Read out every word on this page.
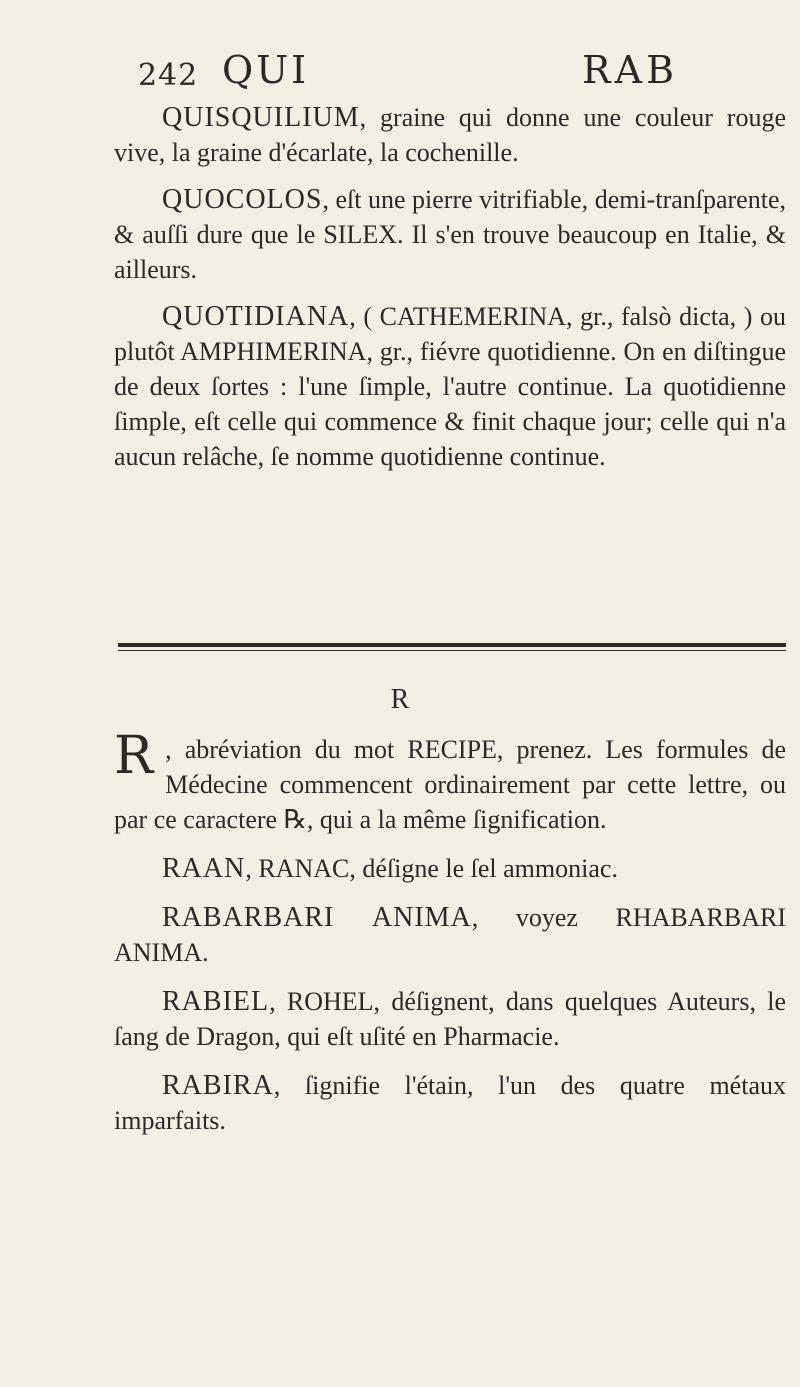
242 QUI	RAB

QUISQUILIUM, graine qui donne une couleur rouge vive, la graine d'écarlate, la cochenille.

QUOCOLOS, eſt une pierre vitrifiable, demi-tranſparente, & auſſi dure que le SILEX. Il s'en trouve beaucoup en Italie, & ailleurs.

QUOTIDIANA, ( CATHEMERINA, gr., falsò dicta, ) ou plutôt AMPHIMERINA, gr., fiévre quotidienne. On en diſtingue de deux ſortes : l'une ſimple, l'autre continue. La quotidienne ſimple, eſt celle qui commence & finit chaque jour; celle qui n'a aucun relâche, ſe nomme quotidienne continue.

R

R , abréviation du mot RECIPE, prenez. Les formules de Médecine commencent ordinairement par cette lettre, ou par ce caractere ℞, qui a la même ſignification.

RAAN, RANAC, déſigne le ſel ammoniac.

RABARBARI ANIMA, voyez RHABARBARI ANIMA.

RABIEL, ROHEL, déſignent, dans quelques Auteurs, le ſang de Dragon, qui eſt uſité en Pharmacie.

RABIRA, ſignifie l'étain, l'un des quatre métaux imparfaits.
